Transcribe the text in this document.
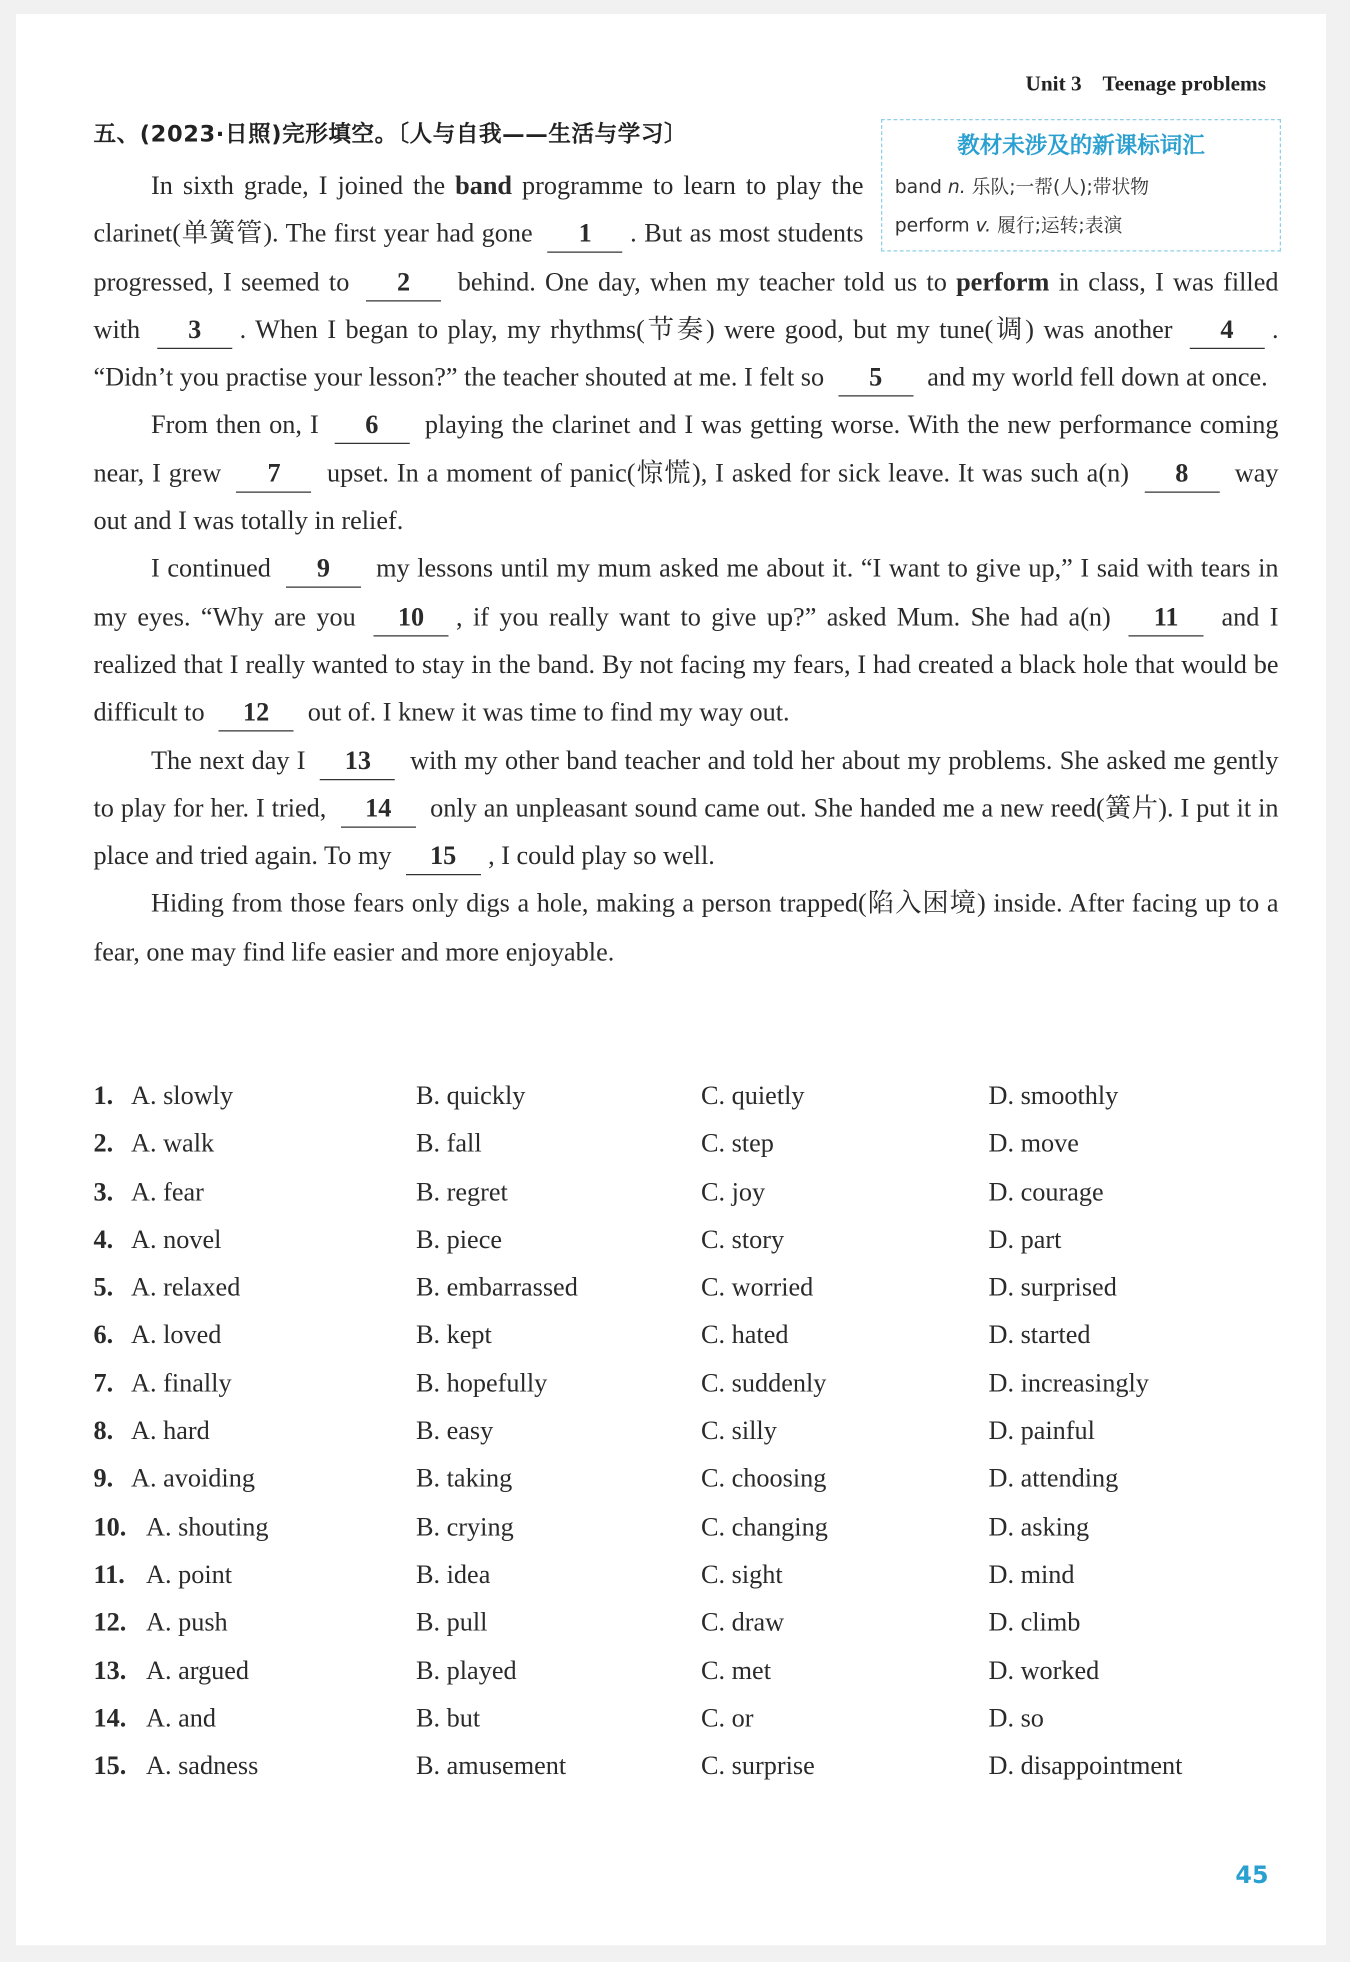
Unit 3 Teenage problems
五、(2023·日照)完形填空。〔人与自我——生活与学习〕	教材未涉及的新课标词汇
band n. 乐队;一帮(人);带状物
perform v. 履行;运转;表演

In sixth grade, I joined the band programme to learn to play the clarinet(单簧管). The first year had gone 1 . But as most students progressed, I seemed to 2 behind. One day, when my teacher told us to perform in class, I was filled with 3 . When I began to play, my rhythms(节奏) were good, but my tune(调) was another 4 . “Didn’t you practise your lesson?” the teacher shouted at me. I felt so 5 and my world fell down at once.

From then on, I 6 playing the clarinet and I was getting worse. With the new performance coming near, I grew 7 upset. In a moment of panic(惊慌), I asked for sick leave. It was such a(n) 8 way out and I was totally in relief.

I continued 9 my lessons until my mum asked me about it. “I want to give up,” I said with tears in my eyes. “Why are you 10 , if you really want to give up?” asked Mum. She had a(n) 11 and I realized that I really wanted to stay in the band. By not facing my fears, I had created a black hole that would be difficult to 12 out of. I knew it was time to find my way out.

The next day I 13 with my other band teacher and told her about my problems. She asked me gently to play for her. I tried, 14 only an unpleasant sound came out. She handed me a new reed(簧片). I put it in place and tried again. To my 15 , I could play so well.

Hiding from those fears only digs a hole, making a person trapped(陷入困境) inside. After facing up to a fear, one may find life easier and more enjoyable.

1. A. slowly	B. quickly	C. quietly	D. smoothly
2. A. walk	B. fall	C. step	D. move
3. A. fear	B. regret	C. joy	D. courage
4. A. novel	B. piece	C. story	D. part
5. A. relaxed	B. embarrassed	C. worried	D. surprised
6. A. loved	B. kept	C. hated	D. started
7. A. finally	B. hopefully	C. suddenly	D. increasingly
8. A. hard	B. easy	C. silly	D. painful
9. A. avoiding	B. taking	C. choosing	D. attending
10. A. shouting	B. crying	C. changing	D. asking
11. A. point	B. idea	C. sight	D. mind
12. A. push	B. pull	C. draw	D. climb
13. A. argued	B. played	C. met	D. worked
14. A. and	B. but	C. or	D. so
15. A. sadness	B. amusement	C. surprise	D. disappointment
45
